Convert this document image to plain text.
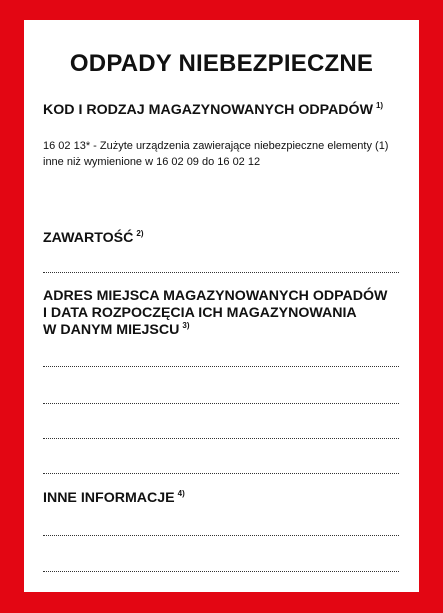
ODPADY NIEBEZPIECZNE
KOD I RODZAJ MAGAZYNOWANYCH ODPADÓW $^{1)}$
16 02 13* - Zużyte urządzenia zawierające niebezpieczne elementy (1)
inne niż wymienione w 16 02 09 do 16 02 12
ZAWARTOŚĆ $^{2)}$
ADRES MIEJSCA MAGAZYNOWANYCH ODPADÓW
I DATA ROZPOCZĘCIA ICH MAGAZYNOWANIA
W DANYM MIEJSCU $^{3)}$
INNE INFORMACJE $^{4)}$
